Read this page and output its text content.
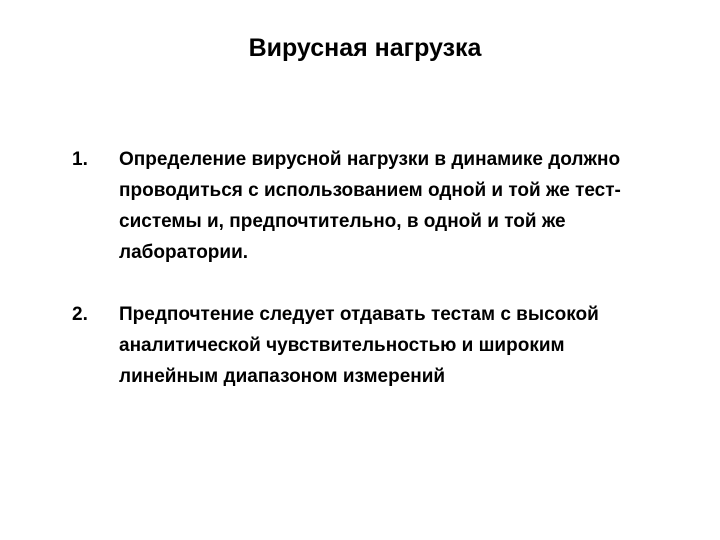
Вирусная нагрузка
1. Определение вирусной нагрузки в динамике должно
проводиться с использованием одной и той же тест-
системы и, предпочтительно, в одной и той же
лаборатории.
2. Предпочтение следует отдавать тестам с высокой
аналитической чувствительностью и широким
линейным диапазоном измерений
